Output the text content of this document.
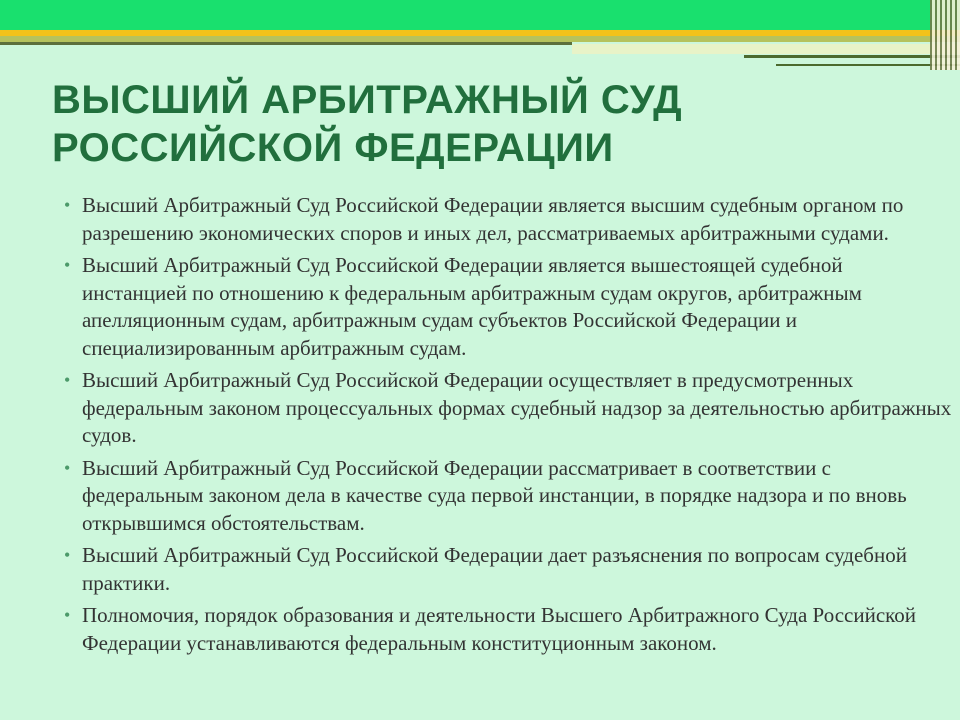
ВЫСШИЙ АРБИТРАЖНЫЙ СУД
РОССИЙСКОЙ ФЕДЕРАЦИИ
• Высший Арбитражный Суд Российской Федерации является высшим судебным органом по разрешению экономических споров и иных дел, рассматриваемых арбитражными судами.
• Высший Арбитражный Суд Российской Федерации является вышестоящей судебной инстанцией по отношению к федеральным арбитражным судам округов, арбитражным апелляционным судам, арбитражным судам субъектов Российской Федерации и специализированным арбитражным судам.
• Высший Арбитражный Суд Российской Федерации осуществляет в предусмотренных федеральным законом процессуальных формах судебный надзор за деятельностью арбитражных судов.
• Высший Арбитражный Суд Российской Федерации рассматривает в соответствии с федеральным законом дела в качестве суда первой инстанции, в порядке надзора и по вновь открывшимся обстоятельствам.
• Высший Арбитражный Суд Российской Федерации дает разъяснения по вопросам судебной практики.
• Полномочия, порядок образования и деятельности Высшего Арбитражного Суда Российской Федерации устанавливаются федеральным конституционным законом.
